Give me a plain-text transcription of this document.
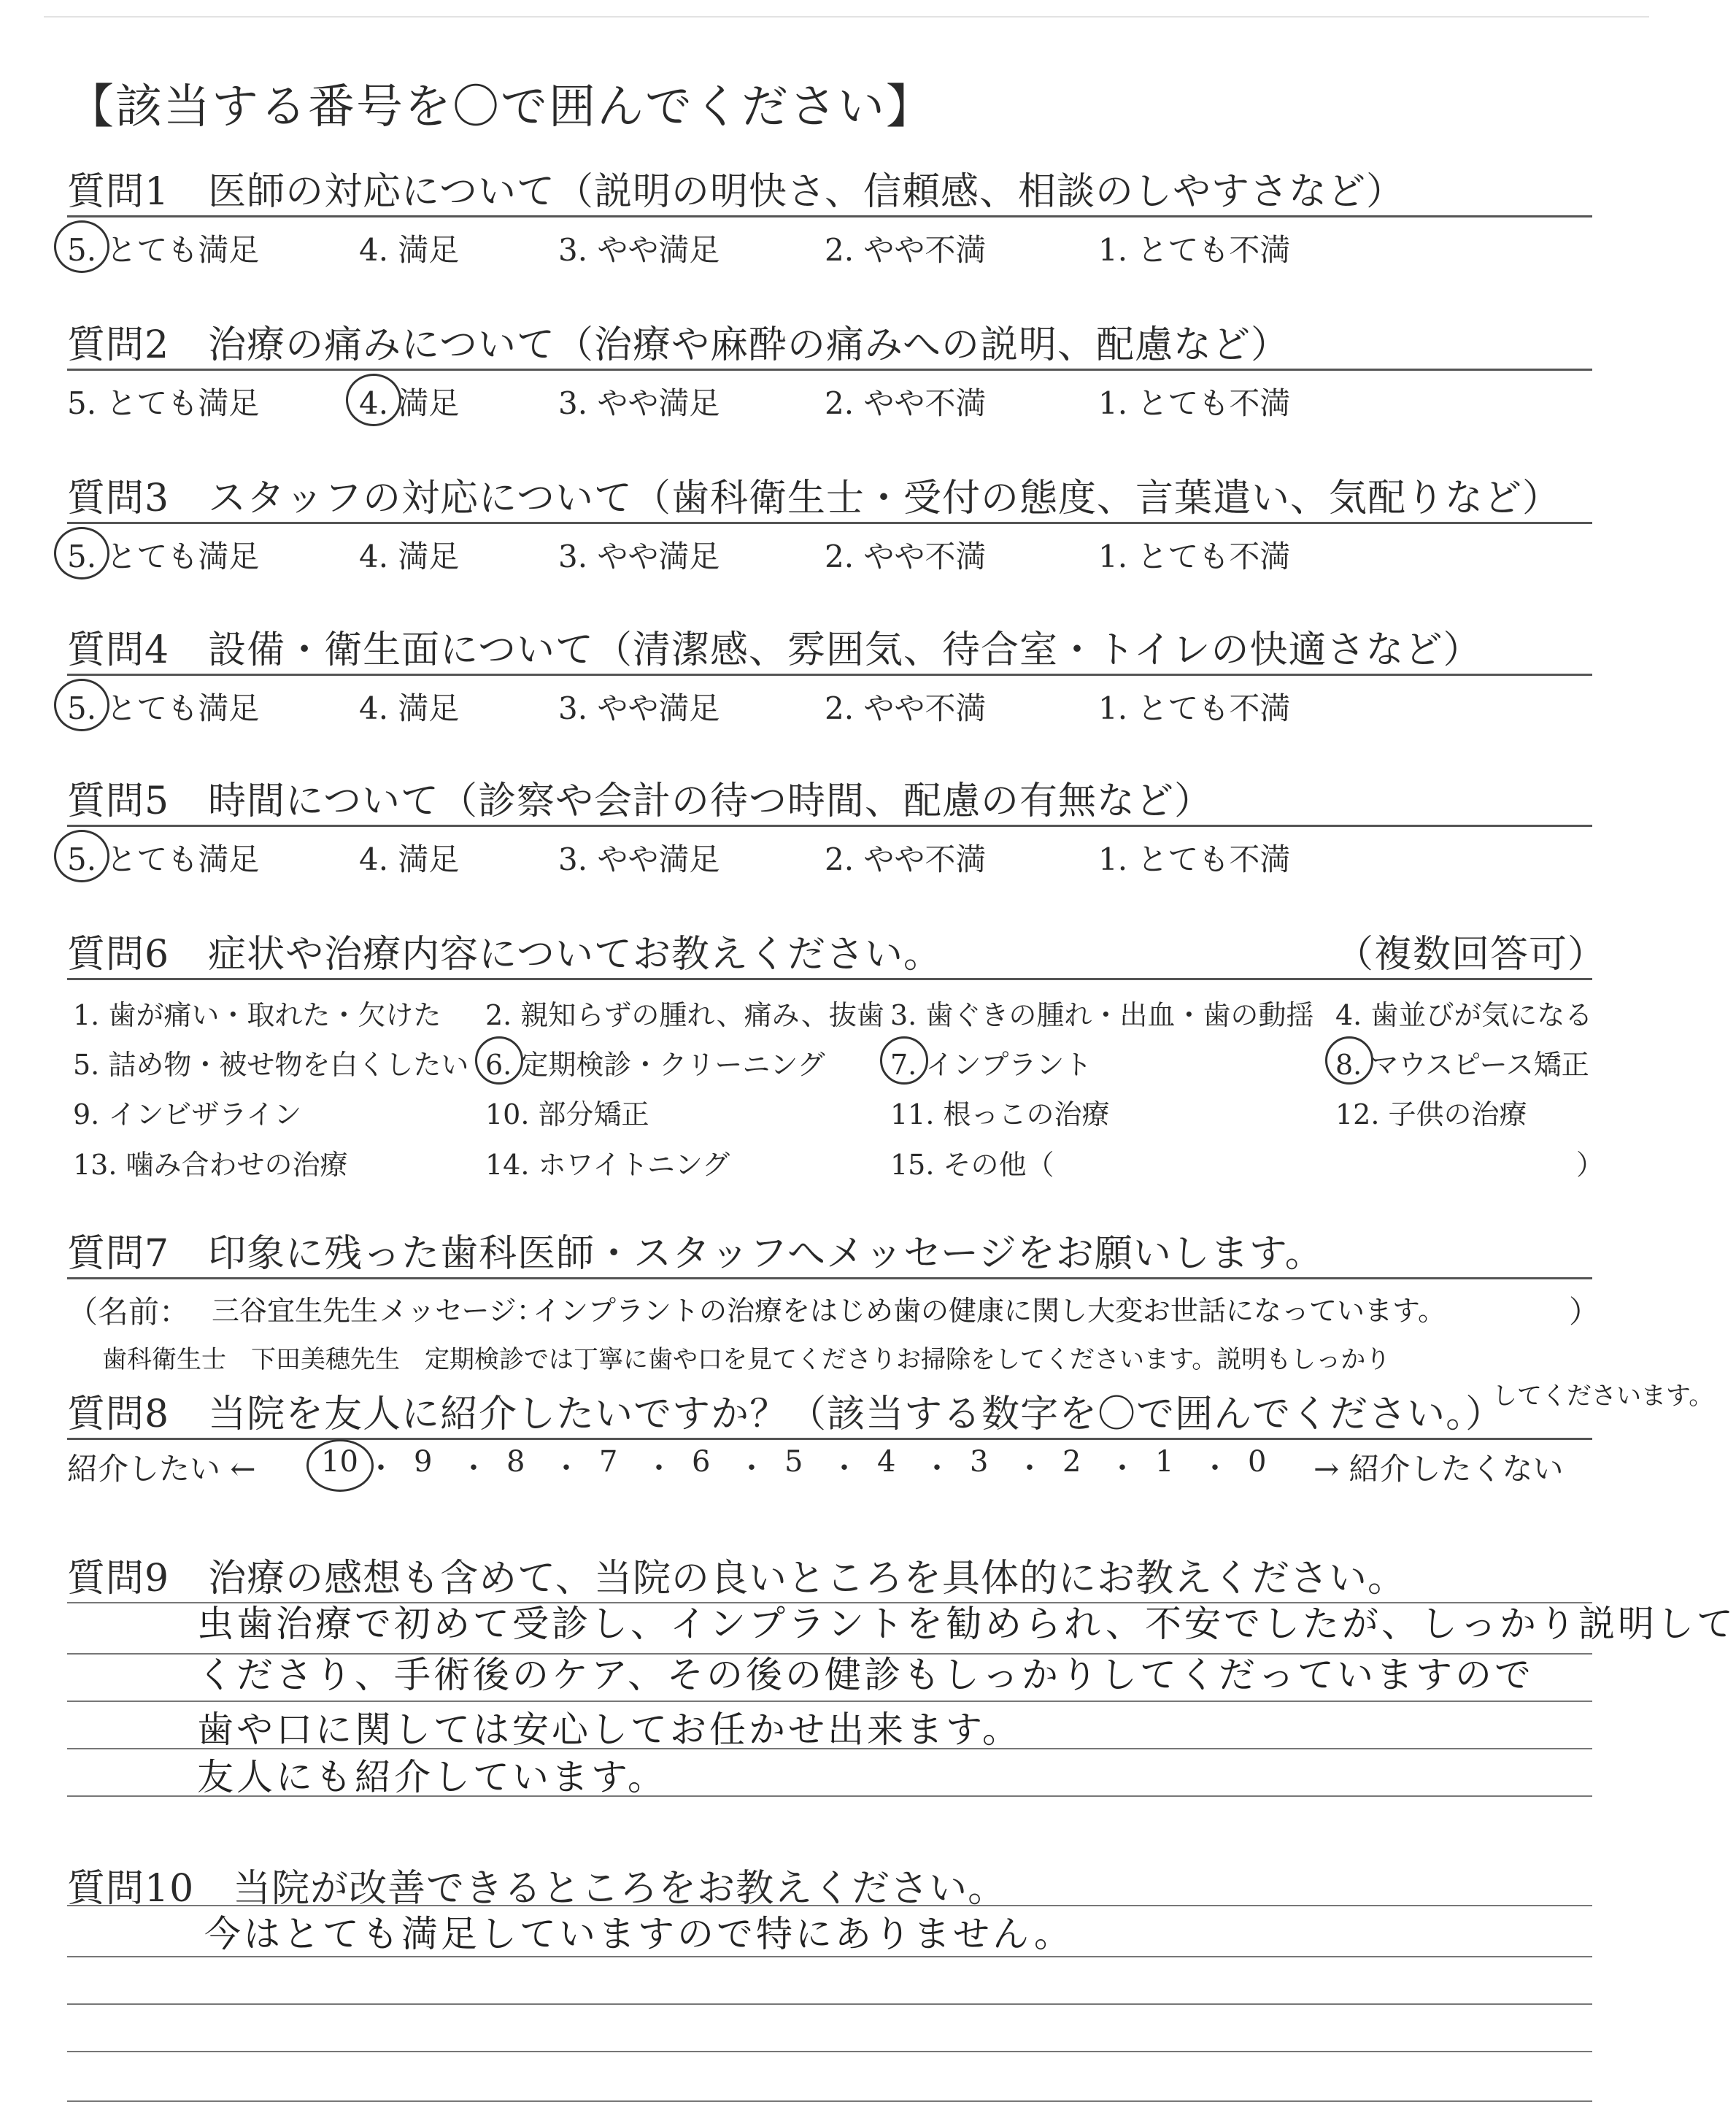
【該当する番号を〇で囲んでください】
質問1　医師の対応について（説明の明快さ、信頼感、相談のしやすさなど）
5. とても満足	4. 満足	3. やや満足	2. やや不満	1. とても不満
質問2　治療の痛みについて（治療や麻酔の痛みへの説明、配慮など）
5. とても満足	4. 満足	3. やや満足	2. やや不満	1. とても不満
質問3　スタッフの対応について（歯科衛生士・受付の態度、言葉遣い、気配りなど）
5. とても満足	4. 満足	3. やや満足	2. やや不満	1. とても不満
質問4　設備・衛生面について（清潔感、雰囲気、待合室・トイレの快適さなど）
5. とても満足	4. 満足	3. やや満足	2. やや不満	1. とても不満
質問5　時間について（診察や会計の待つ時間、配慮の有無など）
5. とても満足	4. 満足	3. やや満足	2. やや不満	1. とても不満
質問6　症状や治療内容についてお教えください。	（複数回答可）
1. 歯が痛い・取れた・欠けた 2. 親知らずの腫れ、痛み、抜歯 3. 歯ぐきの腫れ・出血・歯の動揺 4. 歯並びが気になる
5. 詰め物・被せ物を白くしたい 6. 定期検診・クリーニング 7. インプラント	8. マウスピース矯正
9. インビザライン	10. 部分矯正	11. 根っこの治療	12. 子供の治療
13. 噛み合わせの治療	14. ホワイトニング	15. その他（	）
質問7　印象に残った歯科医師・スタッフへメッセージをお願いします。
（名前： 三谷宜生先生 メッセージ：
インプラントの治療をはじめ歯の健康に関し大変お世話になっています。	）
歯科衛生士　下田美穂先生　定期検診では丁寧に歯や口を見てくださりお掃除をしてくださいます。説明もしっかり
してくださいます。
質問8　当院を友人に紹介したいですか？（該当する数字を〇で囲んでください。）
紹介したい ← 10 ・ 9 ・ 8 ・ 7 ・ 6 ・ 5 ・ 4 ・ 3 ・ 2 ・ 1 ・ 0 → 紹介したくない
質問9　治療の感想も含めて、当院の良いところを具体的にお教えください。
虫歯治療で初めて受診し、インプラントを勧められ、不安でしたが、しっかり説明して
くださり、手術後のケア、その後の健診もしっかりしてくだっていますので
歯や口に関しては安心してお任かせ出来ます。
友人にも紹介しています。
質問10　当院が改善できるところをお教えください。
今はとても満足していますので特にありません。
